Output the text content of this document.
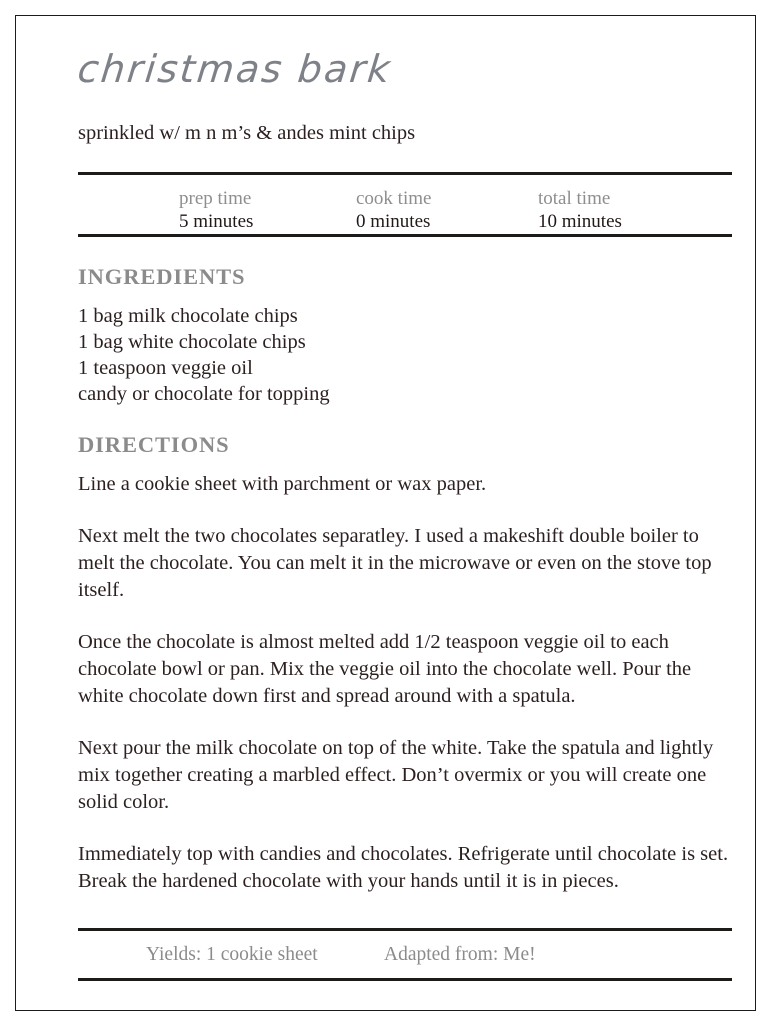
christmas bark

sprinkled w/ m n m’s & andes mint chips

prep time
5 minutes
cook time
0 minutes
total time
10 minutes
INGREDIENTS
1 bag milk chocolate chips
1 bag white chocolate chips
1 teaspoon veggie oil
candy or chocolate for topping
DIRECTIONS

Line a cookie sheet with parchment or wax paper.

Next melt the two chocolates separatley. I used a makeshift double boiler to melt the chocolate. You can melt it in the microwave or even on the stove top itself.

Once the chocolate is almost melted add 1/2 teaspoon veggie oil to each chocolate bowl or pan. Mix the veggie oil into the chocolate well. Pour the white chocolate down first and spread around with a spatula.

Next pour the milk chocolate on top of the white. Take the spatula and lightly mix together creating a marbled effect. Don’t overmix or you will create one solid color.

Immediately top with candies and chocolates. Refrigerate until chocolate is set. Break the hardened chocolate with your hands until it is in pieces.

Yields: 1 cookie sheet	Adapted from: Me!
